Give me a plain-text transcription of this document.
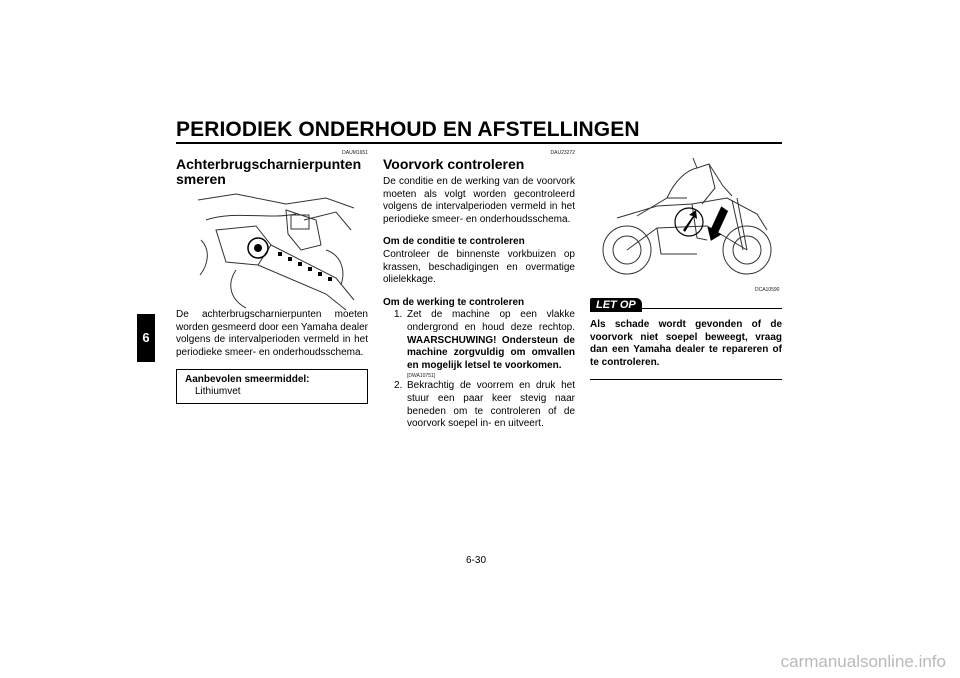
PERIODIEK ONDERHOUD EN AFSTELLINGEN
6
DAUM1651
Achterbrugscharnierpunten smeren

De achterbrugscharnierpunten moeten worden gesmeerd door een Yamaha dealer volgens de intervalperioden vermeld in het periodieke smeer- en onderhoudsschema.

Aanbevolen smeermiddel:
Lithiumvet
DAU23272
Voorvork controleren

De conditie en de werking van de voorvork moeten als volgt worden gecontroleerd volgens de intervalperioden vermeld in het periodieke smeer- en onderhoudsschema.

Om de conditie te controleren

Controleer de binnenste vorkbuizen op krassen, beschadigingen en overmatige olielekkage.

Om de werking te controleren
1. Zet de machine op een vlakke ondergrond en houd deze rechtop. WAARSCHUWING! Ondersteun de machine zorgvuldig om omvallen en mogelijk letsel te voorkomen.
[DWA10751]
2. Bekrachtig de voorrem en druk het stuur een paar keer stevig naar beneden om te controleren of de voorvork soepel in- en uitveert.
DCA10590
LET OP
Als schade wordt gevonden of de voorvork niet soepel beweegt, vraag dan een Yamaha dealer te repareren of te controleren.
6-30
carmanualsonline.info
